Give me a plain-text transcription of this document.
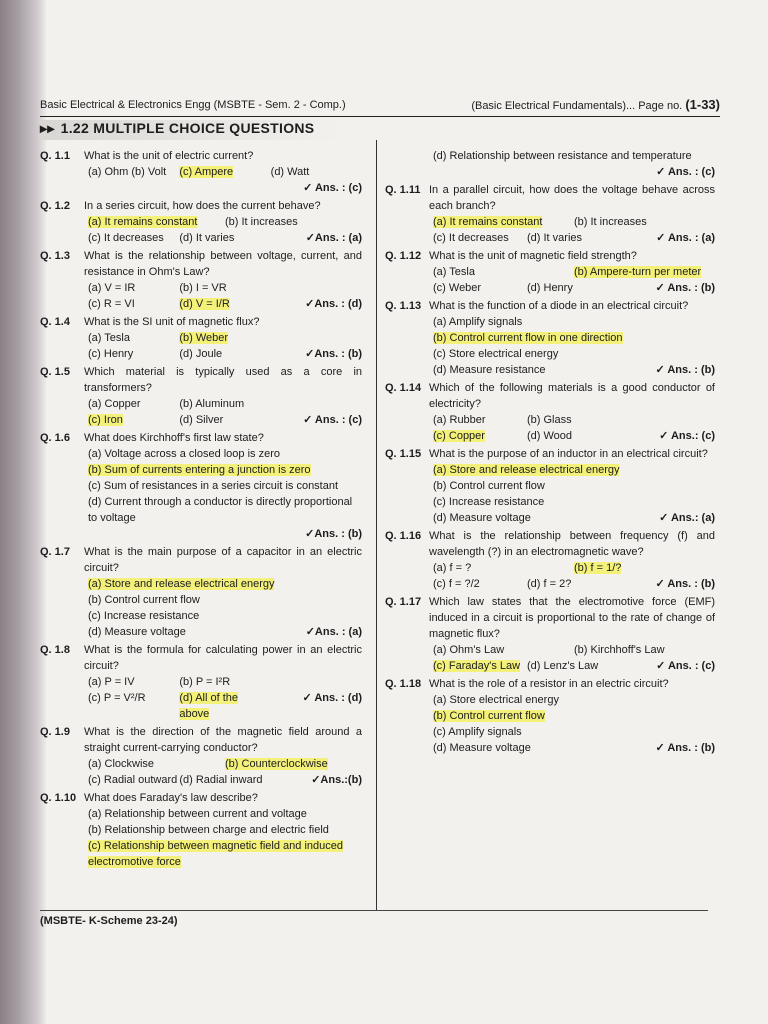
Basic Electrical & Electronics Engg (MSBTE - Sem. 2 - Comp.)	(Basic Electrical Fundamentals)... Page no. (1-33)
▸▸ 1.22 MULTIPLE CHOICE QUESTIONS
Q. 1.1	What is the unit of electric current?
(a) Ohm (b) Volt	(c) Ampere	(d) Watt
✓ Ans. : (c)
Q. 1.2	In a series circuit, how does the current behave?
(a) It remains constant	(b) It increases
(c) It decreases	(d) It varies	✓Ans. : (a)
Q. 1.3	What is the relationship between voltage, current, and resistance in Ohm's Law?
(a) V = IR	(b) I = VR
(c) R = VI	(d) V = I/R	✓Ans. : (d)
Q. 1.4	What is the SI unit of magnetic flux?
(a) Tesla	(b) Weber
(c) Henry	(d) Joule	✓Ans. : (b)
Q. 1.5	Which material is typically used as a core in transformers?
(a) Copper	(b) Aluminum
(c) Iron	(d) Silver	✓ Ans. : (c)
Q. 1.6	What does Kirchhoff's first law state?
(a) Voltage across a closed loop is zero
(b) Sum of currents entering a junction is zero
(c) Sum of resistances in a series circuit is constant
(d) Current through a conductor is directly proportional to voltage
✓Ans. : (b)
Q. 1.7	What is the main purpose of a capacitor in an electric circuit?
(a) Store and release electrical energy
(b) Control current flow
(c) Increase resistance
(d) Measure voltage	✓Ans. : (a)
Q. 1.8	What is the formula for calculating power in an electric circuit?
(a) P = IV	(b) P = I²R
(c) P = V²/R	(d) All of the above
✓ Ans. : (d)
Q. 1.9	What is the direction of the magnetic field around a straight current-carrying conductor?
(a) Clockwise	(b) Counterclockwise
(c) Radial outward (d) Radial inward	✓Ans.:(b)
Q. 1.10 What does Faraday's law describe?
(a) Relationship between current and voltage
(b) Relationship between charge and electric field
(c) Relationship between magnetic field and induced electromotive force
(d) Relationship between resistance and temperature
✓ Ans. : (c)
Q. 1.11 In a parallel circuit, how does the voltage behave across each branch?
(a) It remains constant	(b) It increases
(c) It decreases	(d) It varies	✓ Ans. : (a)
Q. 1.12 What is the unit of magnetic field strength?
(a) Tesla	(b) Ampere-turn per meter
(c) Weber	(d) Henry	✓ Ans. : (b)
Q. 1.13 What is the function of a diode in an electrical circuit?
(a) Amplify signals
(b) Control current flow in one direction
(c) Store electrical energy
(d) Measure resistance	✓ Ans. : (b)
Q. 1.14 Which of the following materials is a good conductor of electricity?
(a) Rubber	(b) Glass
(c) Copper	(d) Wood	✓ Ans.: (c)
Q. 1.15 What is the purpose of an inductor in an electrical circuit?
(a) Store and release electrical energy
(b) Control current flow
(c) Increase resistance
(d) Measure voltage	✓ Ans.: (a)
Q. 1.16 What is the relationship between frequency (f) and wavelength (?) in an electromagnetic wave?
(a) f = ?	(b) f = 1/?
(c) f = ?/2	(d) f = 2?	✓ Ans. : (b)
Q. 1.17 Which law states that the electromotive force (EMF) induced in a circuit is proportional to the rate of change of magnetic flux?
(a) Ohm's Law	(b) Kirchhoff's Law
(c) Faraday's Law (d) Lenz's Law	✓ Ans. : (c)
Q. 1.18 What is the role of a resistor in an electric circuit?
(a) Store electrical energy
(b) Control current flow
(c) Amplify signals
(d) Measure voltage	✓ Ans. : (b)
(MSBTE- K-Scheme 23-24)
